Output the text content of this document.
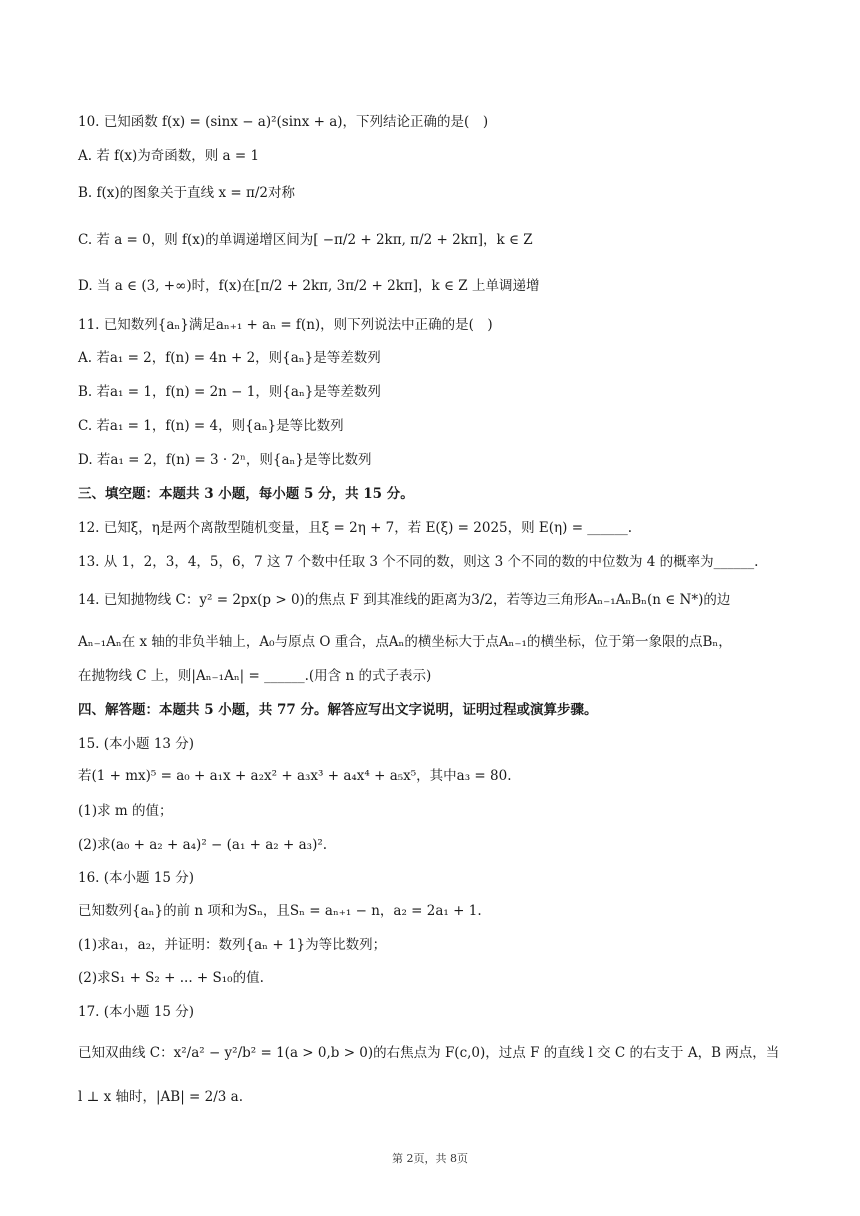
10. 已知函数 f(x) = (sinx − a)²(sinx + a)，下列结论正确的是(　)
A. 若 f(x)为奇函数，则 a = 1
B. f(x)的图象关于直线 x = π/2对称
C. 若 a = 0，则 f(x)的单调递增区间为[ −π/2 + 2kπ, π/2 + 2kπ]，k ∈ Z
D. 当 a ∈ (3, +∞)时，f(x)在[π/2 + 2kπ, 3π/2 + 2kπ]，k ∈ Z 上单调递增
11. 已知数列{aₙ}满足aₙ₊₁ + aₙ = f(n)，则下列说法中正确的是(　)
A. 若a₁ = 2，f(n) = 4n + 2，则{aₙ}是等差数列
B. 若a₁ = 1，f(n) = 2n − 1，则{aₙ}是等差数列
C. 若a₁ = 1，f(n) = 4，则{aₙ}是等比数列
D. 若a₁ = 2，f(n) = 3 · 2ⁿ，则{aₙ}是等比数列
三、填空题：本题共 3 小题，每小题 5 分，共 15 分。
12. 已知ξ，η是两个离散型随机变量，且ξ = 2η + 7，若 E(ξ) = 2025，则 E(η) = ______.
13. 从 1，2，3，4，5，6，7 这 7 个数中任取 3 个不同的数，则这 3 个不同的数的中位数为 4 的概率为______.
14. 已知抛物线 C：y² = 2px(p > 0)的焦点 F 到其准线的距离为3/2，若等边三角形Aₙ₋₁AₙBₙ(n ∈ N*)的边
Aₙ₋₁Aₙ在 x 轴的非负半轴上，A₀与原点 O 重合，点Aₙ的横坐标大于点Aₙ₋₁的横坐标，位于第一象限的点Bₙ，
在抛物线 C 上，则|Aₙ₋₁Aₙ| = ______.(用含 n 的式子表示)
四、解答题：本题共 5 小题，共 77 分。解答应写出文字说明，证明过程或演算步骤。
15. (本小题 13 分)
若(1 + mx)⁵ = a₀ + a₁x + a₂x² + a₃x³ + a₄x⁴ + a₅x⁵，其中a₃ = 80.
(1)求 m 的值；
(2)求(a₀ + a₂ + a₄)² − (a₁ + a₂ + a₃)².
16. (本小题 15 分)
已知数列{aₙ}的前 n 项和为Sₙ，且Sₙ = aₙ₊₁ − n，a₂ = 2a₁ + 1.
(1)求a₁，a₂，并证明：数列{aₙ + 1}为等比数列；
(2)求S₁ + S₂ + ... + S₁₀的值.
17. (本小题 15 分)
已知双曲线 C：x²/a² − y²/b² = 1(a > 0,b > 0)的右焦点为 F(c,0)，过点 F 的直线 l 交 C 的右支于 A，B 两点，当
l ⊥ x 轴时，|AB| = 2/3 a.
第 2页，共 8页
